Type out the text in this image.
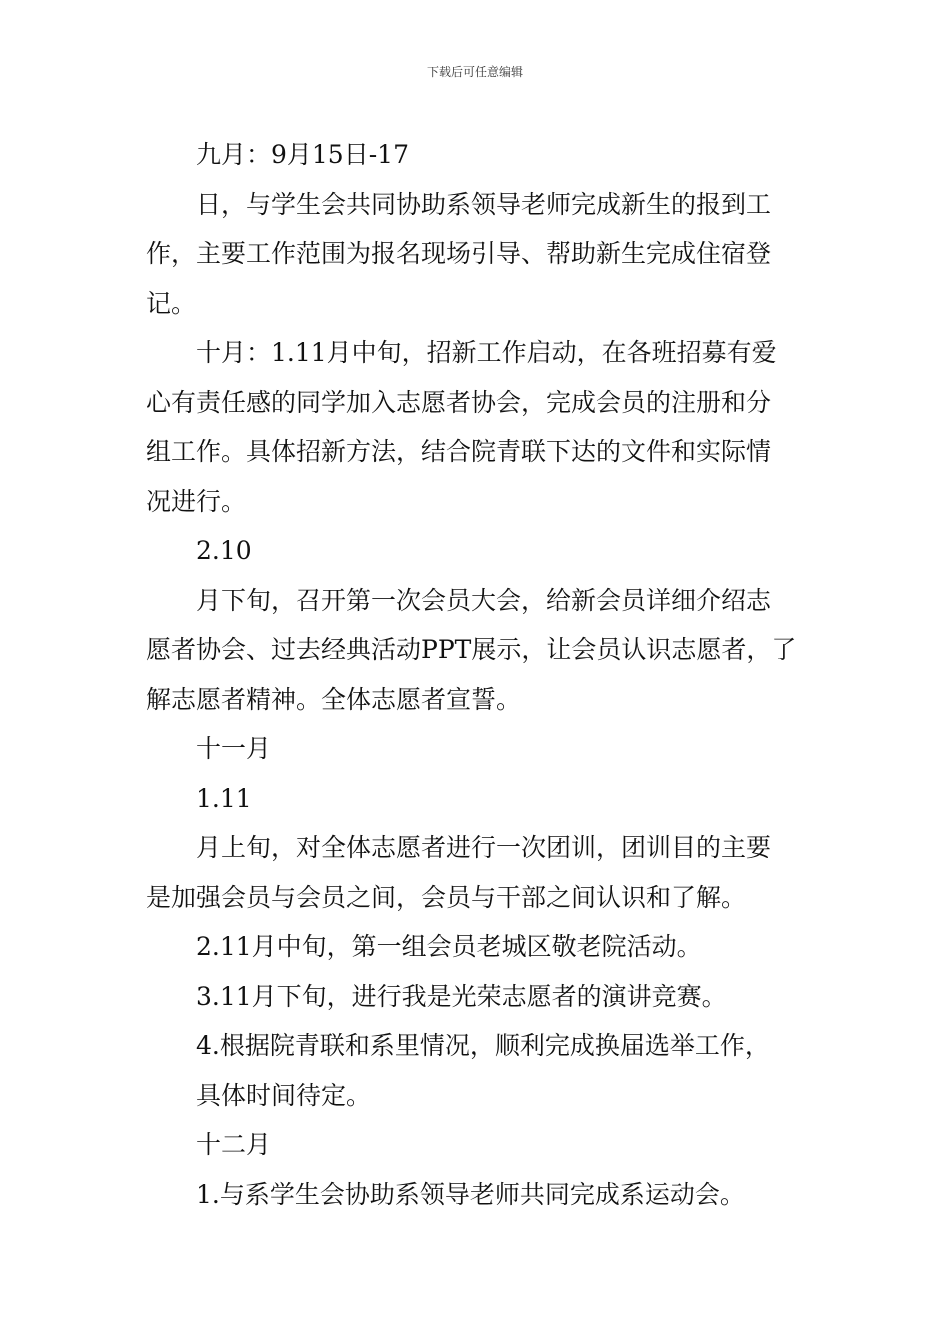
下载后可任意编辑

九月：9月15日-17

日，与学生会共同协助系领导老师完成新生的报到工

作，主要工作范围为报名现场引导、帮助新生完成住宿登

记。

十月：1.11月中旬，招新工作启动，在各班招募有爱

心有责任感的同学加入志愿者协会，完成会员的注册和分

组工作。具体招新方法，结合院青联下达的文件和实际情

况进行。

2.10

月下旬，召开第一次会员大会，给新会员详细介绍志

愿者协会、过去经典活动PPT展示，让会员认识志愿者，了

解志愿者精神。全体志愿者宣誓。

十一月

1.11

月上旬，对全体志愿者进行一次团训，团训目的主要

是加强会员与会员之间，会员与干部之间认识和了解。

2.11月中旬，第一组会员老城区敬老院活动。

3.11月下旬，进行我是光荣志愿者的演讲竞赛。

4.根据院青联和系里情况，顺利完成换届选举工作，

具体时间待定。

十二月

1.与系学生会协助系领导老师共同完成系运动会。
